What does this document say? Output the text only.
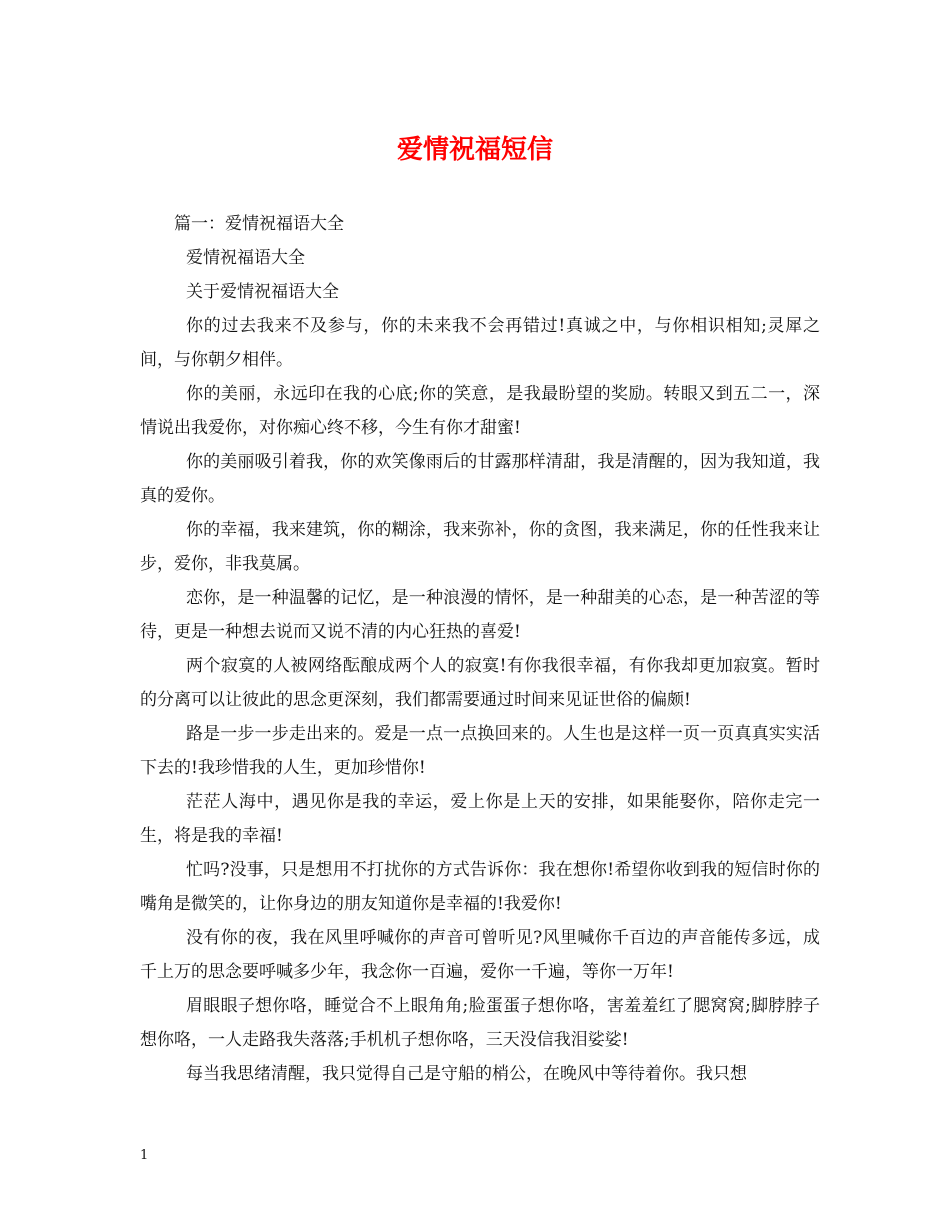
爱情祝福短信

篇一：爱情祝福语大全

爱情祝福语大全

关于爱情祝福语大全

你的过去我来不及参与，你的未来我不会再错过!真诚之中，与你相识相知;灵犀之间，与你朝夕相伴。

你的美丽，永远印在我的心底;你的笑意，是我最盼望的奖励。转眼又到五二一，深情说出我爱你，对你痴心终不移，今生有你才甜蜜!

你的美丽吸引着我，你的欢笑像雨后的甘露那样清甜，我是清醒的，因为我知道，我真的爱你。

你的幸福，我来建筑，你的糊涂，我来弥补，你的贪图，我来满足，你的任性我来让步，爱你，非我莫属。

恋你，是一种温馨的记忆，是一种浪漫的情怀，是一种甜美的心态，是一种苦涩的等待，更是一种想去说而又说不清的内心狂热的喜爱!

两个寂寞的人被网络酝酿成两个人的寂寞!有你我很幸福，有你我却更加寂寞。暂时的分离可以让彼此的思念更深刻，我们都需要通过时间来见证世俗的偏颇!

路是一步一步走出来的。爱是一点一点换回来的。人生也是这样一页一页真真实实活下去的!我珍惜我的人生，更加珍惜你!

茫茫人海中，遇见你是我的幸运，爱上你是上天的安排，如果能娶你，陪你走完一生，将是我的幸福!

忙吗?没事，只是想用不打扰你的方式告诉你：我在想你!希望你收到我的短信时你的嘴角是微笑的，让你身边的朋友知道你是幸福的!我爱你!

没有你的夜，我在风里呼喊你的声音可曾听见?风里喊你千百边的声音能传多远，成千上万的思念要呼喊多少年，我念你一百遍，爱你一千遍，等你一万年!

眉眼眼子想你咯，睡觉合不上眼角角;脸蛋蛋子想你咯，害羞羞红了腮窝窝;脚脖脖子想你咯，一人走路我失落落;手机机子想你咯，三天没信我泪娑娑!

每当我思绪清醒，我只觉得自己是守船的梢公，在晚风中等待着你。我只想

1
